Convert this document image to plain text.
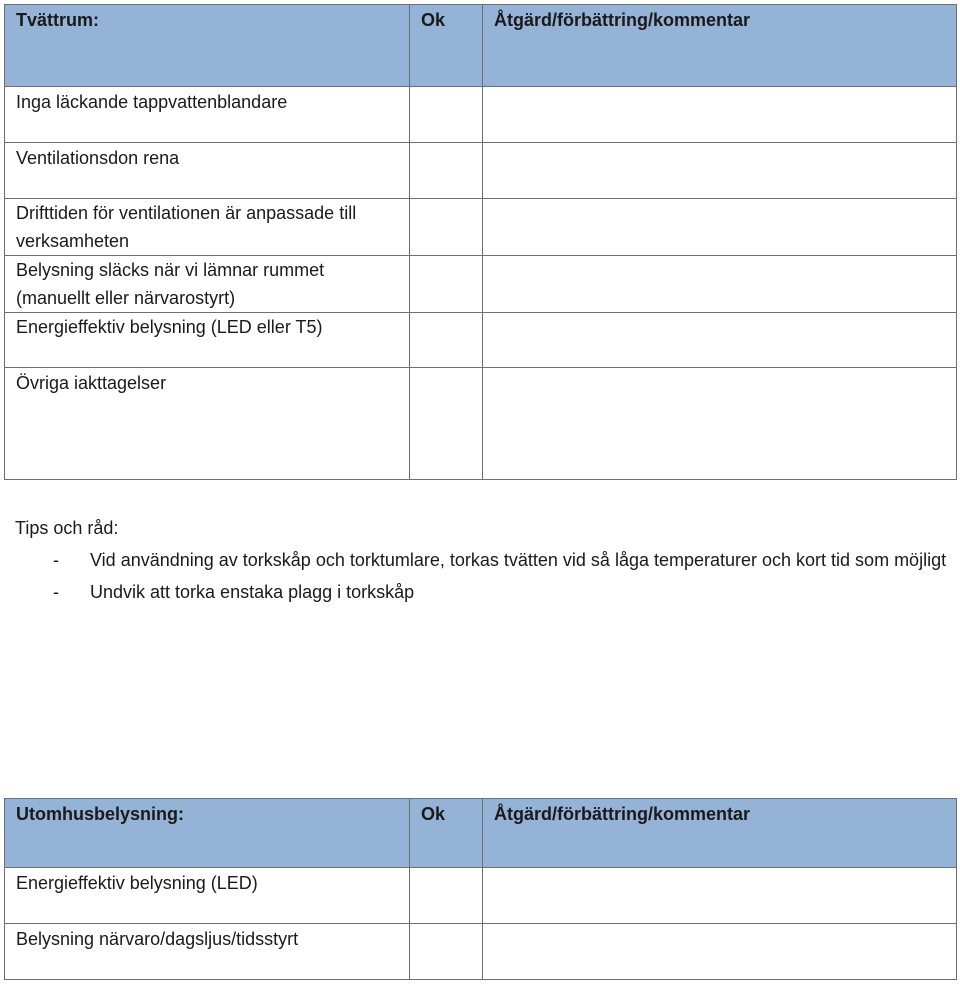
Tvättrum:	Ok	Åtgärd/förbättring/kommentar
Inga läckande tappvattenblandare		
Ventilationsdon rena		
Drifttiden för ventilationen är anpassade till verksamheten		
Belysning släcks när vi lämnar rummet (manuellt eller närvarostyrt)		
Energieffektiv belysning (LED eller T5)		
Övriga iakttagelser		
Tips och råd:
- Vid användning av torkskåp och torktumlare, torkas tvätten vid så låga temperaturer och kort tid som möjligt
- Undvik att torka enstaka plagg i torkskåp
Utomhusbelysning:	Ok	Åtgärd/förbättring/kommentar
Energieffektiv belysning (LED)		
Belysning närvaro/dagsljus/tidsstyrt		
